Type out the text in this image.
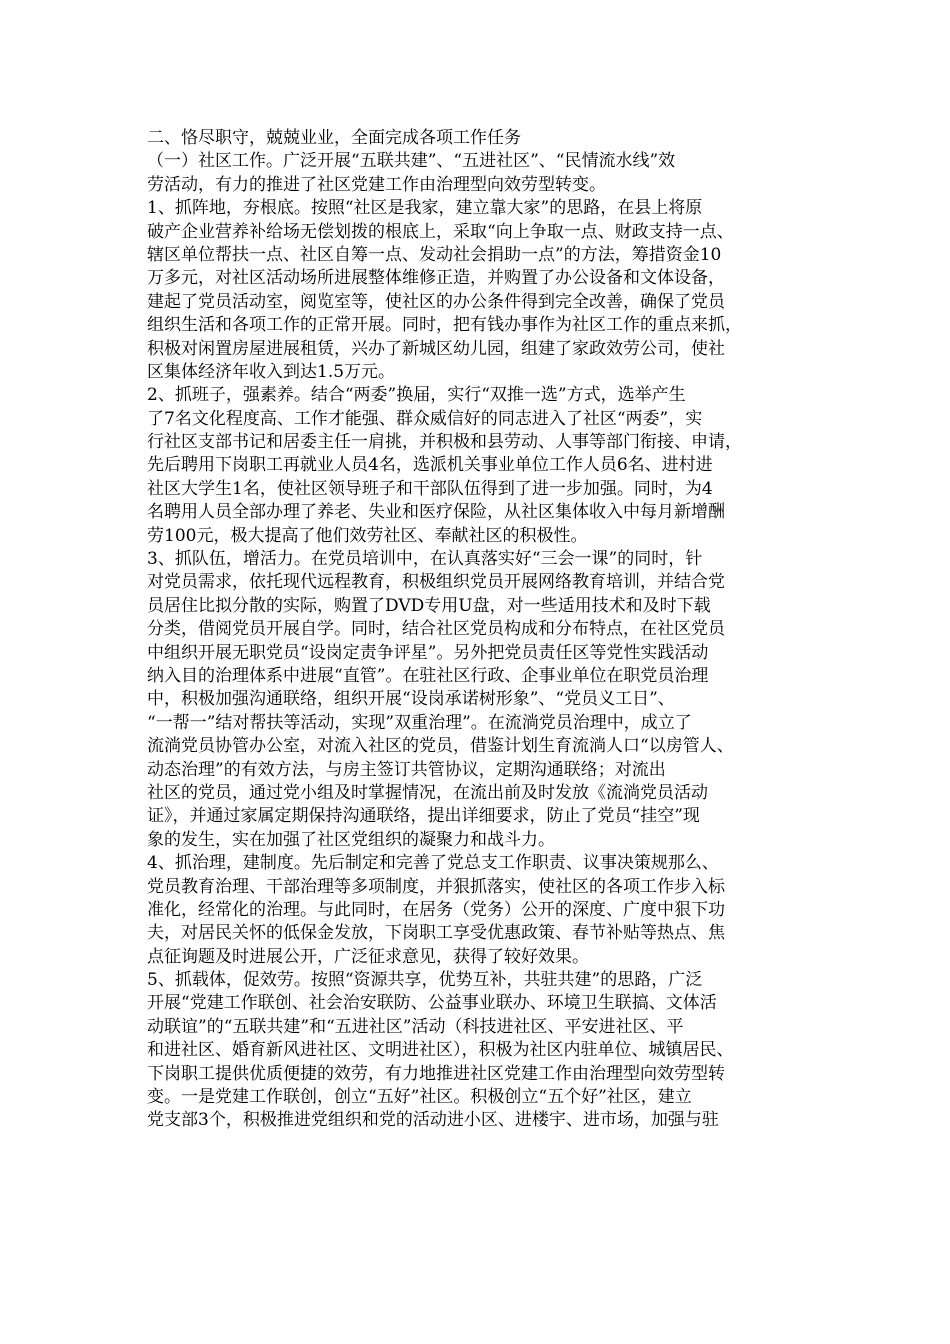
二、恪尽职守，兢兢业业，全面完成各项工作任务
（一）社区工作。广泛开展“五联共建”、“五进社区”、“民情流水线”效
劳活动，有力的推进了社区党建工作由治理型向效劳型转变。
1、抓阵地，夯根底。按照“社区是我家，建立靠大家”的思路，在县上将原
破产企业营养补给场无偿划拨的根底上，采取“向上争取一点、财政支持一点、
辖区单位帮扶一点、社区自筹一点、发动社会捐助一点”的方法，筹措资金10
万多元，对社区活动场所进展整体维修正造，并购置了办公设备和文体设备，
建起了党员活动室，阅览室等，使社区的办公条件得到完全改善，确保了党员
组织生活和各项工作的正常开展。同时，把有钱办事作为社区工作的重点来抓，
积极对闲置房屋进展租赁，兴办了新城区幼儿园，组建了家政效劳公司，使社
区集体经济年收入到达1.5万元。
2、抓班子，强素养。结合“两委”换届，实行“双推一选”方式，选举产生
了7名文化程度高、工作才能强、群众威信好的同志进入了社区“两委”，实
行社区支部书记和居委主任一肩挑，并积极和县劳动、人事等部门衔接、申请，
先后聘用下岗职工再就业人员4名，选派机关事业单位工作人员6名、进村进
社区大学生1名，使社区领导班子和干部队伍得到了进一步加强。同时，为4
名聘用人员全部办理了养老、失业和医疗保险，从社区集体收入中每月新增酬
劳100元，极大提高了他们效劳社区、奉献社区的积极性。
3、抓队伍，增活力。在党员培训中，在认真落实好“三会一课”的同时，针
对党员需求，依托现代远程教育，积极组织党员开展网络教育培训，并结合党
员居住比拟分散的实际，购置了DVD专用U盘，对一些适用技术和及时下载
分类，借阅党员开展自学。同时，结合社区党员构成和分布特点，在社区党员
中组织开展无职党员“设岗定责争评星”。另外把党员责任区等党性实践活动
纳入目的治理体系中进展“直管”。在驻社区行政、企事业单位在职党员治理
中，积极加强沟通联络，组织开展“设岗承诺树形象”、“党员义工日”、
“一帮一”结对帮扶等活动，实现”双重治理”。在流淌党员治理中，成立了
流淌党员协管办公室，对流入社区的党员，借鉴计划生育流淌人口“以房管人、
动态治理”的有效方法，与房主签订共管协议，定期沟通联络；对流出
社区的党员，通过党小组及时掌握情况，在流出前及时发放《流淌党员活动
证》，并通过家属定期保持沟通联络，提出详细要求，防止了党员“挂空”现
象的发生，实在加强了社区党组织的凝聚力和战斗力。
4、抓治理，建制度。先后制定和完善了党总支工作职责、议事决策规那么、
党员教育治理、干部治理等多项制度，并狠抓落实，使社区的各项工作步入标
准化，经常化的治理。与此同时，在居务（党务）公开的深度、广度中狠下功
夫，对居民关怀的低保金发放，下岗职工享受优惠政策、春节补贴等热点、焦
点征询题及时进展公开，广泛征求意见，获得了较好效果。
5、抓载体，促效劳。按照“资源共享，优势互补，共驻共建”的思路，广泛
开展“党建工作联创、社会治安联防、公益事业联办、环境卫生联搞、文体活
动联谊”的“五联共建”和“五进社区”活动（科技进社区、平安进社区、平
和进社区、婚育新风进社区、文明进社区），积极为社区内驻单位、城镇居民、
下岗职工提供优质便捷的效劳，有力地推进社区党建工作由治理型向效劳型转
变。一是党建工作联创，创立“五好”社区。积极创立“五个好”社区，建立
党支部3个，积极推进党组织和党的活动进小区、进楼宇、进市场，加强与驻
